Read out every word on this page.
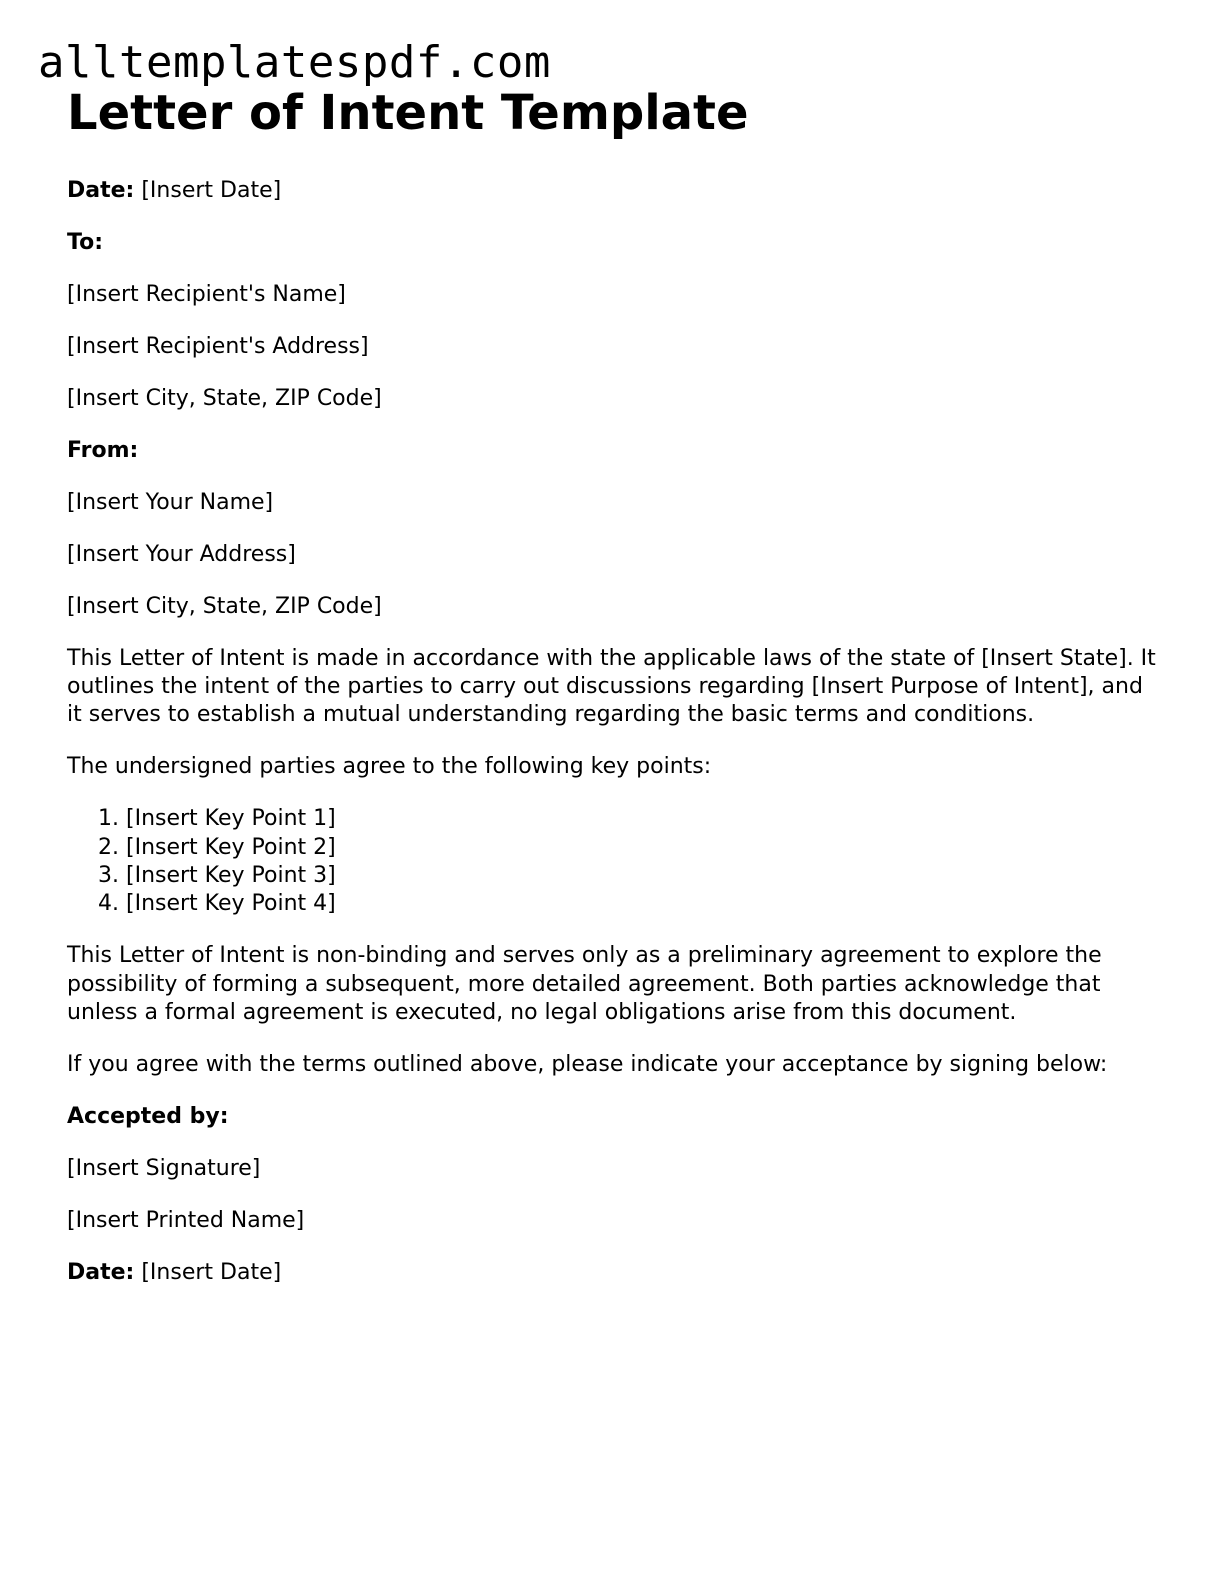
alltemplatespdf.com
Letter of Intent Template
Date: [Insert Date]
To:
[Insert Recipient's Name]
[Insert Recipient's Address]
[Insert City, State, ZIP Code]
From:
[Insert Your Name]
[Insert Your Address]
[Insert City, State, ZIP Code]
This Letter of Intent is made in accordance with the applicable laws of the state of [Insert State]. It outlines the intent of the parties to carry out discussions regarding [Insert Purpose of Intent], and it serves to establish a mutual understanding regarding the basic terms and conditions.
The undersigned parties agree to the following key points:
1. [Insert Key Point 1]
2. [Insert Key Point 2]
3. [Insert Key Point 3]
4. [Insert Key Point 4]
This Letter of Intent is non-binding and serves only as a preliminary agreement to explore the possibility of forming a subsequent, more detailed agreement. Both parties acknowledge that unless a formal agreement is executed, no legal obligations arise from this document.
If you agree with the terms outlined above, please indicate your acceptance by signing below:
Accepted by:
[Insert Signature]
[Insert Printed Name]
Date: [Insert Date]
